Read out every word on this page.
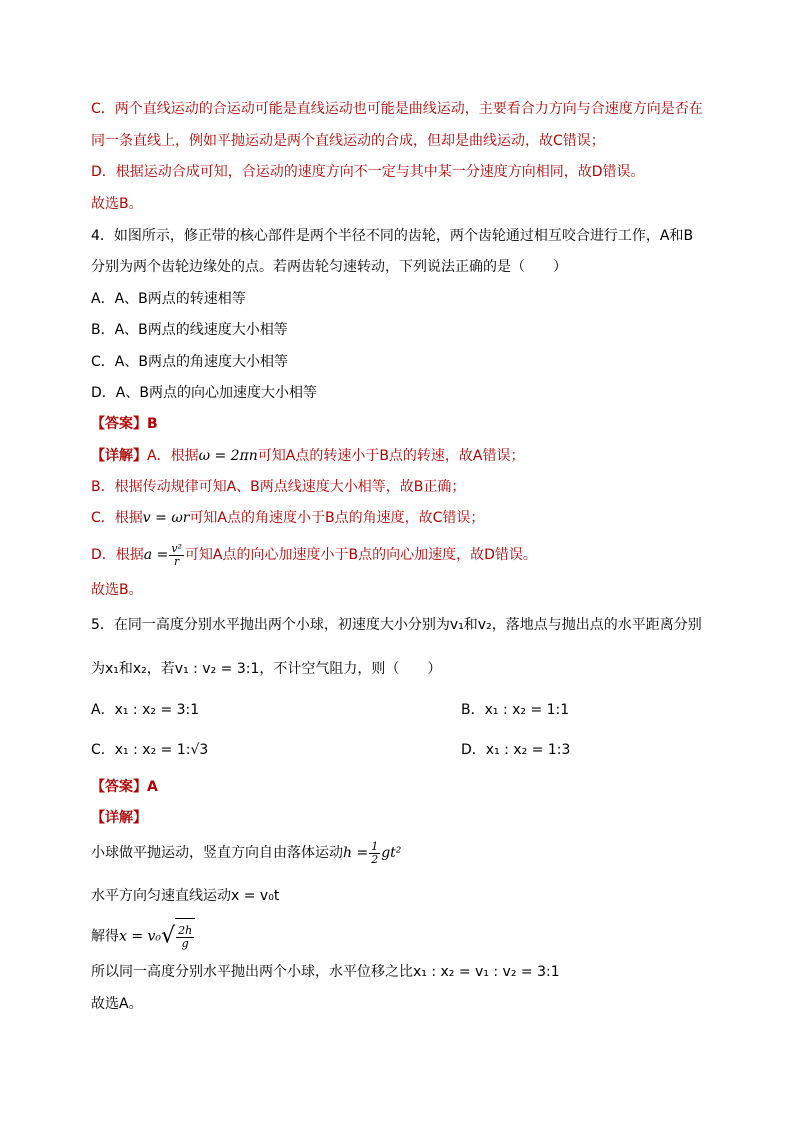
C．两个直线运动的合运动可能是直线运动也可能是曲线运动，主要看合力方向与合速度方向是否在
同一条直线上，例如平抛运动是两个直线运动的合成，但却是曲线运动，故C错误；
D．根据运动合成可知，合运动的速度方向不一定与其中某一分速度方向相同，故D错误。
故选B。
4．如图所示，修正带的核心部件是两个半径不同的齿轮，两个齿轮通过相互咬合进行工作，A和B
分别为两个齿轮边缘处的点。若两齿轮匀速转动，下列说法正确的是（　　）
A．A、B两点的转速相等
B．A、B两点的线速度大小相等
C．A、B两点的角速度大小相等
D．A、B两点的向心加速度大小相等
【答案】B
【详解】A．根据ω = 2πn可知A点的转速小于B点的转速，故A错误；
B．根据传动规律可知A、B两点线速度大小相等，故B正确；
C．根据v = ωr可知A点的角速度小于B点的角速度，故C错误；
D．根据$a = \frac{\text{v²}}{r}$ 可知A点的向心加速度小于B点的向心加速度，故D错误。
故选B。
5．在同一高度分别水平抛出两个小球，初速度大小分别为v₁和v₂，落地点与抛出点的水平距离分别
为x₁和x₂，若v₁ : v₂ = 3:1，不计空气阻力，则（　　）
A．x₁ : x₂ = 3:1	B．x₁ : x₂ = 1:1
C．x₁ : x₂ = 1:√3	D．x₁ : x₂ = 1:3
【答案】A
【详解】
小球做平抛运动，竖直方向自由落体运动$h = \frac{1}{2} gt^2$
水平方向匀速直线运动x = v₀t
解得$x = v_0√ \frac{2h}{g}$
所以同一高度分别水平抛出两个小球，水平位移之比x₁ : x₂ = v₁ : v₂ = 3:1
故选A。
